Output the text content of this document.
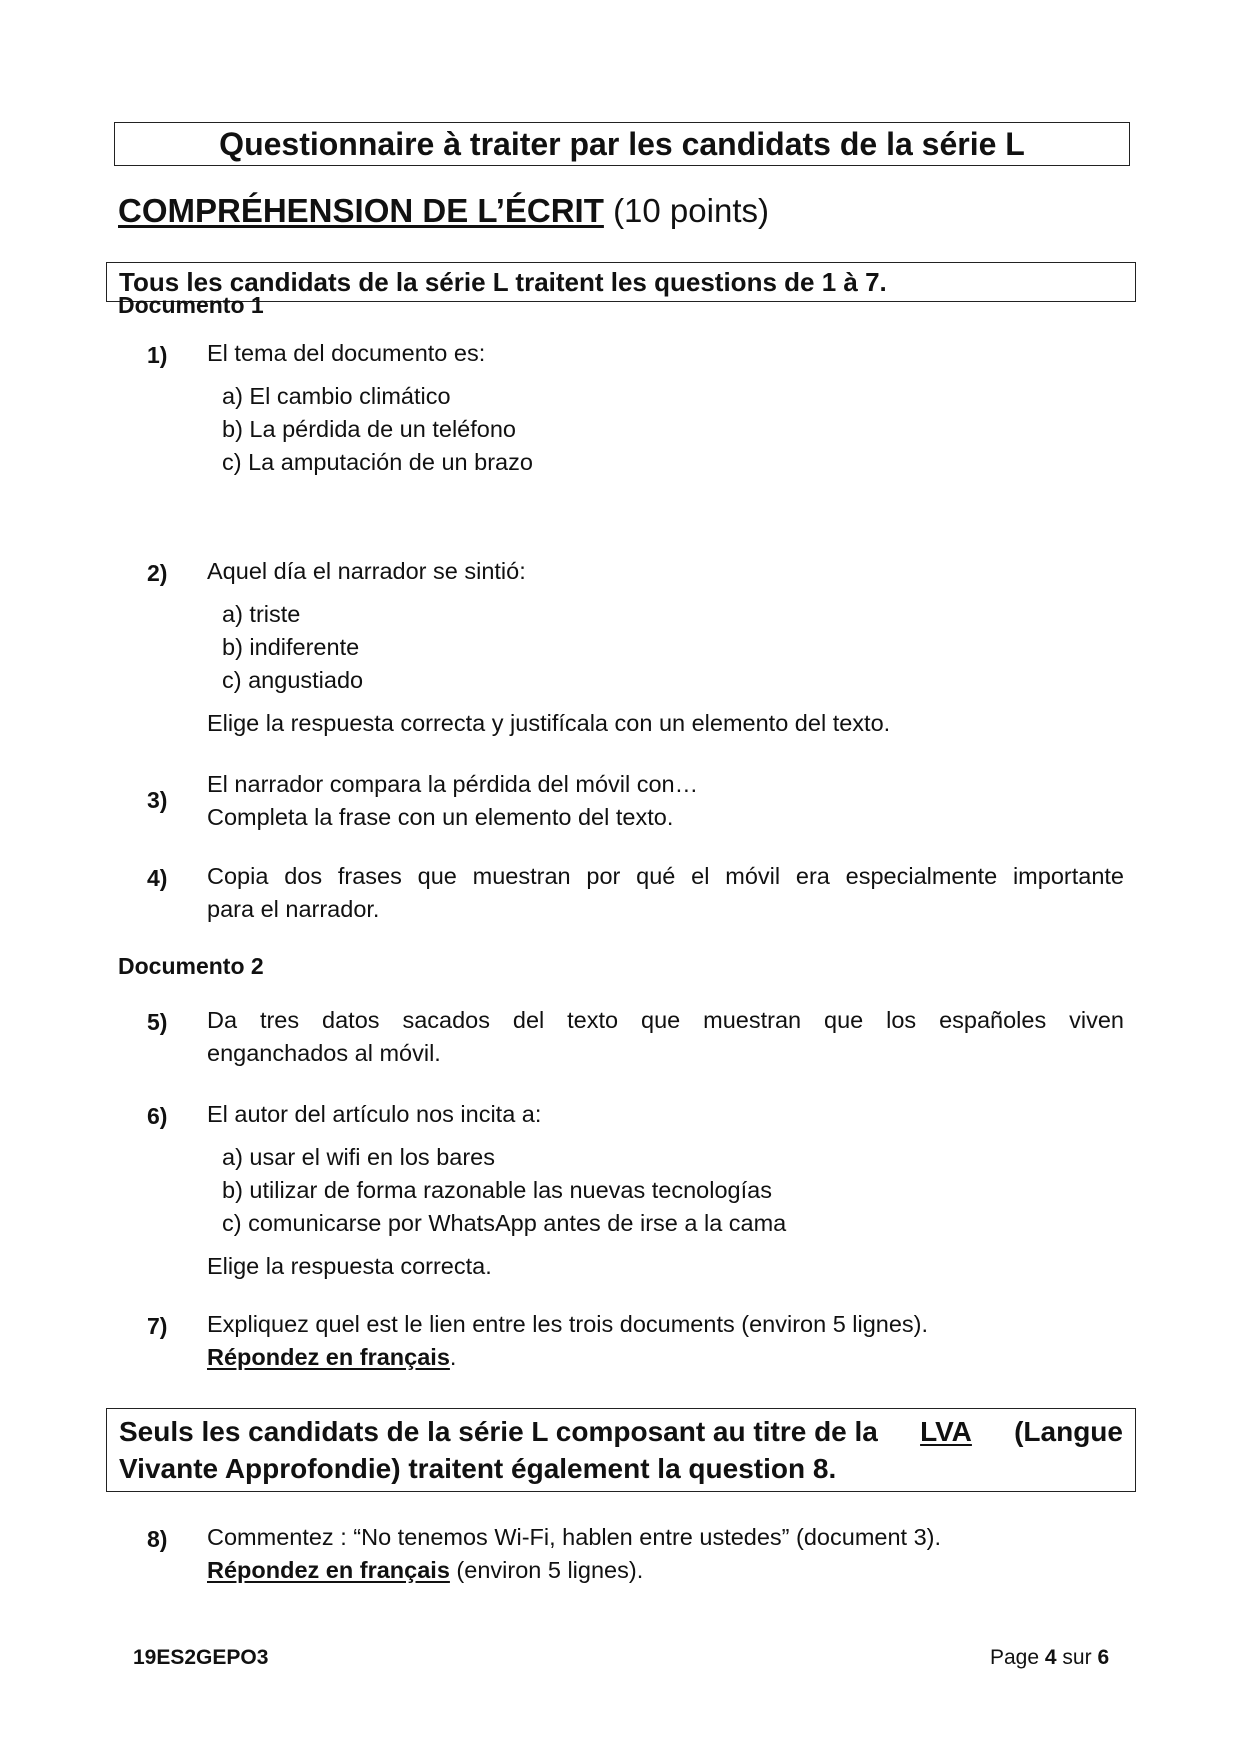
Questionnaire à traiter par les candidats de la série L
COMPRÉHENSION DE L’ÉCRIT (10 points)
Tous les candidats de la série L traitent les questions de 1 à 7.
Documento 1
1) El tema del documento es:
a) El cambio climático
b) La pérdida de un teléfono
c) La amputación de un brazo
2) Aquel día el narrador se sintió:
a) triste
b) indiferente
c) angustiado
Elige la respuesta correcta y justifícala con un elemento del texto.
3)
El narrador compara la pérdida del móvil con…
Completa la frase con un elemento del texto.
4) Copia dos frases que muestran por qué el móvil era especialmente importante
para el narrador.
Documento 2
5) Da tres datos sacados del texto que muestran que los españoles viven
enganchados al móvil.
6) El autor del artículo nos incita a:
a) usar el wifi en los bares
b) utilizar de forma razonable las nuevas tecnologías
c) comunicarse por WhatsApp antes de irse a la cama
Elige la respuesta correcta.
7) Expliquez quel est le lien entre les trois documents (environ 5 lignes).
Répondez en français.
Seuls les candidats de la série L composant au titre de la LVA (Langue
Vivante Approfondie) traitent également la question 8.
8) Commentez : “No tenemos Wi-Fi, hablen entre ustedes” (document 3).
Répondez en français (environ 5 lignes).
19ES2GEPO3	Page 4 sur 6
